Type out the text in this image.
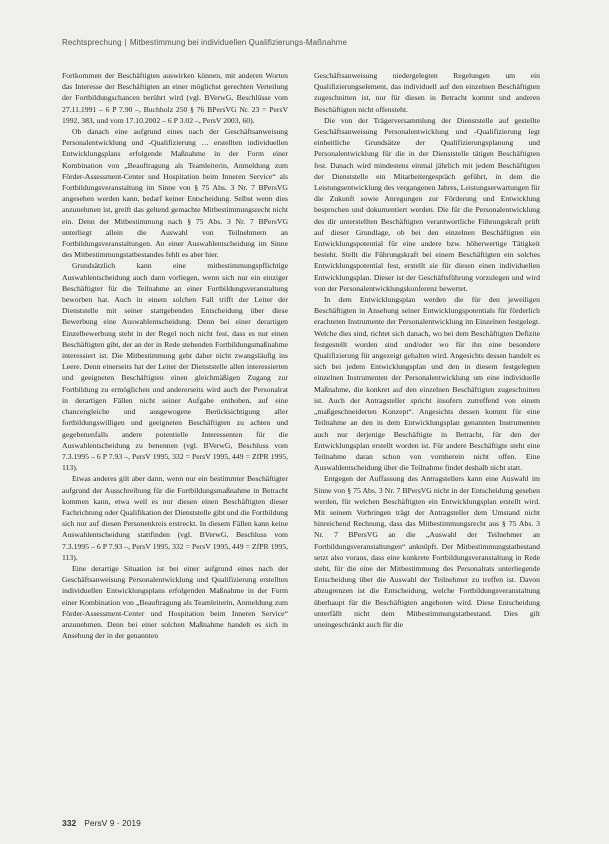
Rechtsprechung | Mitbestimmung bei individuellen Qualifizierungs-Maßnahme

Fortkommen der Beschäftigten auswirken können, mit anderen Worten das Interesse der Beschäftigten an einer möglichst gerechten Verteilung der Fortbildungschancen berührt wird (vgl. BVerwG, Beschlüsse vom 27.11.1991 – 6 P 7.90 –, Buchholz 250 § 76 BPersVG Nr. 23 = PersV 1992, 383, und vom 17.10.2002 – 6 P 3.02 –, PersV 2003, 60).

Ob danach eine aufgrund eines nach der Geschäftsanweisung Personalentwicklung und -Qualifizierung … erstellten individuellen Entwicklungsplans erfolgende Maßnahme in der Form einer Kombination von „Beauftragung als Teamleiterin, Anmeldung zum Förder-Assessment-Center und Hospitation beim Inneren Service“ als Fortbildungsveranstaltung im Sinne von § 75 Abs. 3 Nr. 7 BPersVG angesehen werden kann, bedarf keiner Entscheidung. Selbst wenn dies anzunehmen ist, greift das geltend gemachte Mitbestimmungsrecht nicht ein. Denn der Mitbestimmung nach § 75 Abs. 3 Nr. 7 BPersVG unterliegt allein die Auswahl von Teilnehmern an Fortbildungsveranstaltungen. An einer Auswahlentscheidung im Sinne des Mitbestimmungstatbestandes fehlt es aber hier.

Grundsätzlich kann eine mitbestimmungspflichtige Auswahlentscheidung auch dann vorliegen, wenn sich nur ein einziger Beschäftigter für die Teilnahme an einer Fortbildungsveranstaltung beworben hat. Auch in einem solchen Fall trifft der Leiter der Dienststelle mit seiner stattgebenden Entscheidung über diese Bewerbung eine Auswahlentscheidung. Denn bei einer derartigen Einzelbewerbung steht in der Regel noch nicht fest, dass es nur einen Beschäftigten gibt, der an der in Rede stehenden Fortbildungsmaßnahme interessiert ist. Die Mitbestimmung geht daher nicht zwangsläufig ins Leere. Denn einerseits hat der Leiter der Dienststelle allen interessierten und geeigneten Beschäftigten einen gleichmäßigen Zugang zur Fortbildung zu ermöglichen und andererseits wird auch der Personalrat in derartigen Fällen nicht seiner Aufgabe enthoben, auf eine chancengleiche und ausgewogene Berücksichtigung aller fortbildungswilligen und geeigneten Beschäftigten zu achten und gegebenenfalls andere potentielle Interessenten für die Auswahlentscheidung zu benennen (vgl. BVerwG, Beschluss vom 7.3.1995 – 6 P 7.93 –, PersV 1995, 332 = PersV 1995, 449 = ZfPR 1995, 113).

Etwas anderes gilt aber dann, wenn nur ein bestimmter Beschäftigter aufgrund der Ausschreibung für die Fortbildungsmaßnahme in Betracht kommen kann, etwa weil es nur diesen einen Beschäftigten dieser Fachrichtung oder Qualifikation der Dienststelle gibt und die Fortbildung sich nur auf diesen Personenkreis erstreckt. In diesem Fällen kann keine Auswahlentscheidung stattfinden (vgl. BVerwG, Beschluss vom 7.3.1995 – 6 P 7.93 –, PersV 1995, 332 = PersV 1995, 449 = ZfPR 1995, 113).

Eine derartige Situation ist bei einer aufgrund eines nach der Geschäftsanweisung Personalentwicklung und Qualifizierung erstellten individuellen Entwicklungsplans erfolgenden Maßnahme in der Form einer Kombination von „Beauftragung als Teamleiterin, Anmeldung zum Förder-Assessment-Center und Hospitation beim Inneren Service“ anzunehmen. Denn bei einer solchen Maßnahme handelt es sich in Ansehung der in der genannten

Geschäftsanweisung niedergelegten Regelungen um ein Qualifizierungselement, das individuell auf den einzelnen Beschäftigten zugeschnitten ist, nur für diesen in Betracht kommt und anderen Beschäftigten nicht offensteht.

Die von der Trägerversammlung der Dienststelle auf gestellte Geschäftsanweisung Personalentwicklung und -Qualifizierung legt einheitliche Grundsätze der Qualifizierungsplanung und Personalentwicklung für die in der Dienststelle tätigen Beschäftigten fest. Danach wird mindestens einmal jährlich mit jedem Beschäftigten der Dienststelle ein Mitarbeitergespräch geführt, in dem die Leistungsentwicklung des vergangenen Jahres, Leistungserwartungen für die Zukunft sowie Anregungen zur Förderung und Entwicklung besprochen und dokumentiert werden. Die für die Personalentwicklung des dir unterstellten Beschäftigten verantwortliche Führungskraft prüft auf dieser Grundlage, ob bei den einzelnen Beschäftigten ein Entwicklungspotential für eine andere bzw. höherwertige Tätigkeit besteht. Stellt die Führungskraft bei einem Beschäftigten ein solches Entwicklungspotential fest, erstellt sie für diesen einen individuellen Entwicklungsplan. Dieser ist der Geschäftsführung vorzulegen und wird von der Personalentwicklungskonferenz bewertet.

In dem Entwicklungsplan werden die für den jeweiligen Beschäftigten in Ansehung seiner Entwicklungspotentials für förderlich erachteten Instrumente der Personalentwicklung im Einzelnen festgelegt. Welche dies sind, richtet sich danach, wo bei dem Beschäftigten Defizite festgestellt worden sind und/oder wo für ihn eine besondere Qualifizierung für angezeigt gehalten wird. Angesichts dessen handelt es sich bei jedem Entwicklungsplan und den in diesem festgelegten einzelnen Instrumenten der Personalentwicklung um eine individuelle Maßnahme, die konkret auf den einzelnen Beschäftigten zugeschnitten ist. Auch der Antragsteller spricht insofern zutreffend von einem „maßgeschneiderten Konzept“. Angesichts dessen kommt für eine Teilnahme an den in dem Entwicklungsplan genannten Instrumenten auch nur derjenige Beschäftigte in Betracht, für den der Entwicklungsplan erstellt worden ist. Für andere Beschäftigte steht eine Teilnahme daran schon von vornherein nicht offen. Eine Auswahlentscheidung über die Teilnahme findet deshalb nicht statt.

Entgegen der Auffassung des Antragstellers kann eine Auswahl im Sinne von § 75 Abs. 3 Nr. 7 BPersVG nicht in der Entscheidung gesehen werden, für welchen Beschäftigten ein Entwicklungsplan erstellt wird. Mit seinem Vorbringen trägt der Antragsteller dem Umstand nicht hinreichend Rechnung, dass das Mitbestimmungsrecht aus § 75 Abs. 3 Nr. 7 BPersVG an die „Auswahl der Teilnehmer an Fortbildungsveranstaltungen“ anknüpft. Der Mitbestimmungstatbestand setzt also voraus, dass eine konkrete Fortbildungsveranstaltung in Rede steht, für die eine der Mitbestimmung des Personalrats unterliegende Entscheidung über die Auswahl der Teilnehmer zu treffen ist. Davon abzugrenzen ist die Entscheidung, welche Fortbildungsveranstaltung überhaupt für die Beschäftigten angeboten wird. Diese Entscheidung unterfällt nicht dem Mitbestimmungstatbestand. Dies gilt uneingeschränkt auch für die

332 PersV 9 · 2019
